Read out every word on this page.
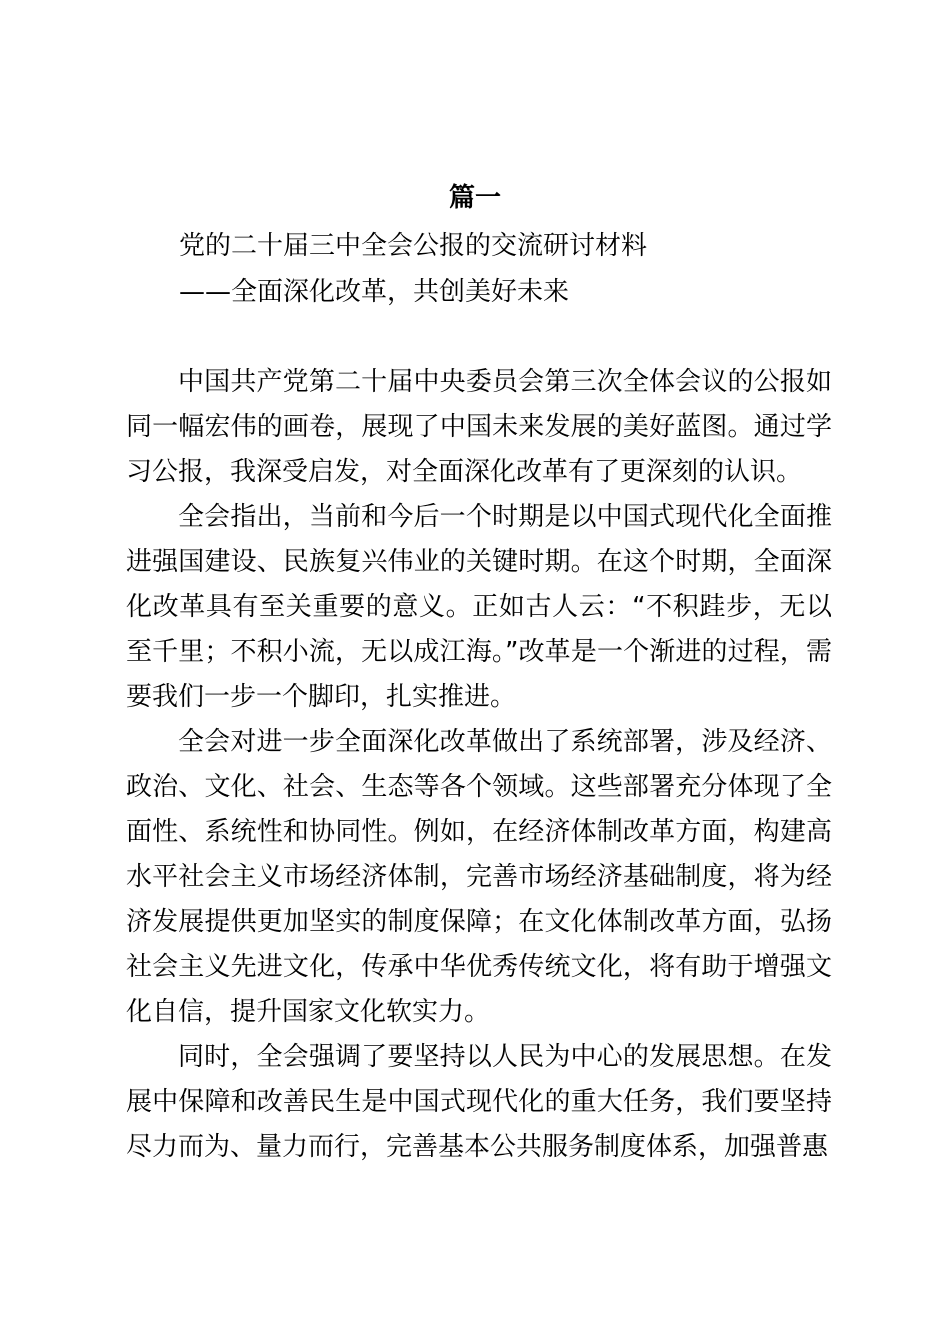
篇一
党的二十届三中全会公报的交流研讨材料
——全面深化改革，共创美好未来

中国共产党第二十届中央委员会第三次全体会议的公报如同一幅宏伟的画卷，展现了中国未来发展的美好蓝图。通过学习公报，我深受启发，对全面深化改革有了更深刻的认识。

全会指出，当前和今后一个时期是以中国式现代化全面推进强国建设、民族复兴伟业的关键时期。在这个时期，全面深化改革具有至关重要的意义。正如古人云：“不积跬步，无以至千里；不积小流，无以成江海。”改革是一个渐进的过程，需要我们一步一个脚印，扎实推进。

全会对进一步全面深化改革做出了系统部署，涉及经济、政治、文化、社会、生态等各个领域。这些部署充分体现了全面性、系统性和协同性。例如，在经济体制改革方面，构建高水平社会主义市场经济体制，完善市场经济基础制度，将为经济发展提供更加坚实的制度保障；在文化体制改革方面，弘扬社会主义先进文化，传承中华优秀传统文化，将有助于增强文化自信，提升国家文化软实力。

同时，全会强调了要坚持以人民为中心的发展思想。在发展中保障和改善民生是中国式现代化的重大任务，我们要坚持尽力而为、量力而行，完善基本公共服务制度体系，加强普惠
